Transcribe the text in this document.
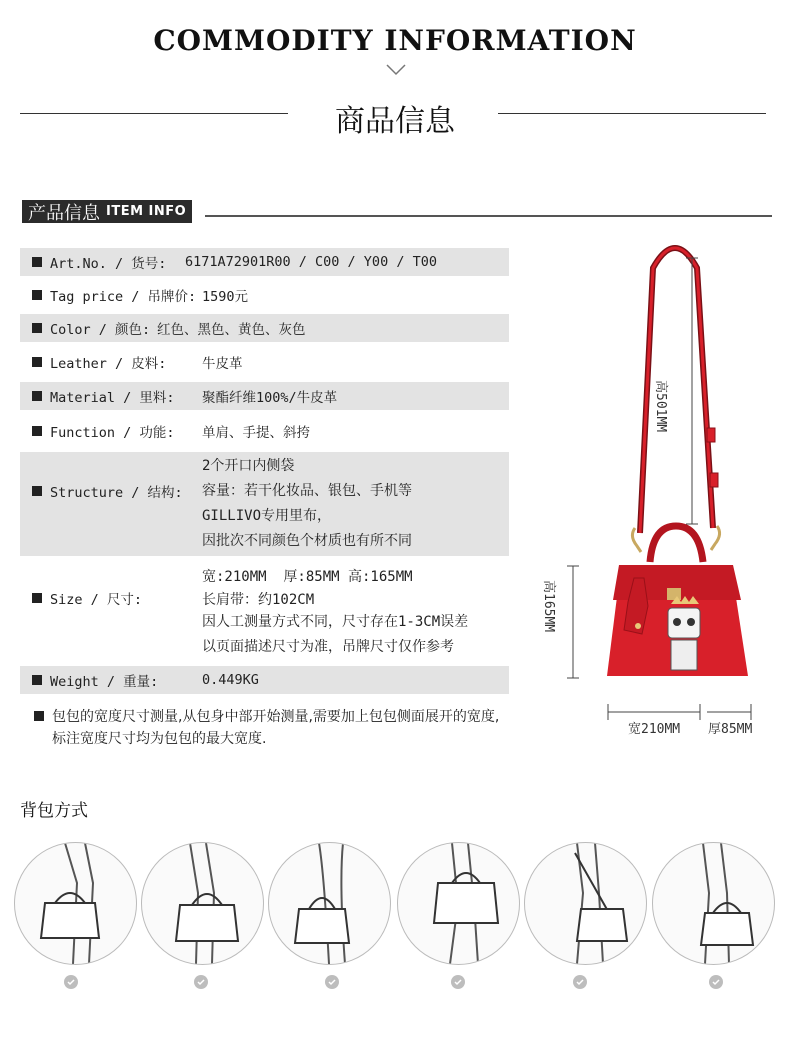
COMMODITY INFORMATION
商品信息
产品信息 ITEM INFO
Art.No. / 货号:	6171A72901R00 / C00 / Y00 / T00
Tag price / 吊牌价: 1590元
Color / 颜色: 红色、黑色、黄色、灰色
Leather / 皮料:	牛皮革
Material / 里料:	聚酯纤维100%/牛皮革
Function / 功能:	单肩、手提、斜挎
Structure / 结构:
2个开口内侧袋
容量：若干化妆品、银包、手机等
GILLIVO专用里布，
因批次不同颜色个材质也有所不同
Size / 尺寸:
宽:210MM  厚:85MM 高:165MM
长肩带：约102CM
因人工测量方式不同，尺寸存在1-3CM误差
以页面描述尺寸为准，吊牌尺寸仅作参考
Weight / 重量:	0.449KG
包包的宽度尺寸测量,从包身中部开始测量,需要加上包包侧面展开的宽度, 标注宽度尺寸均为包包的最大宽度.
高501MM
高165MM
宽210MM 厚85MM
背包方式
